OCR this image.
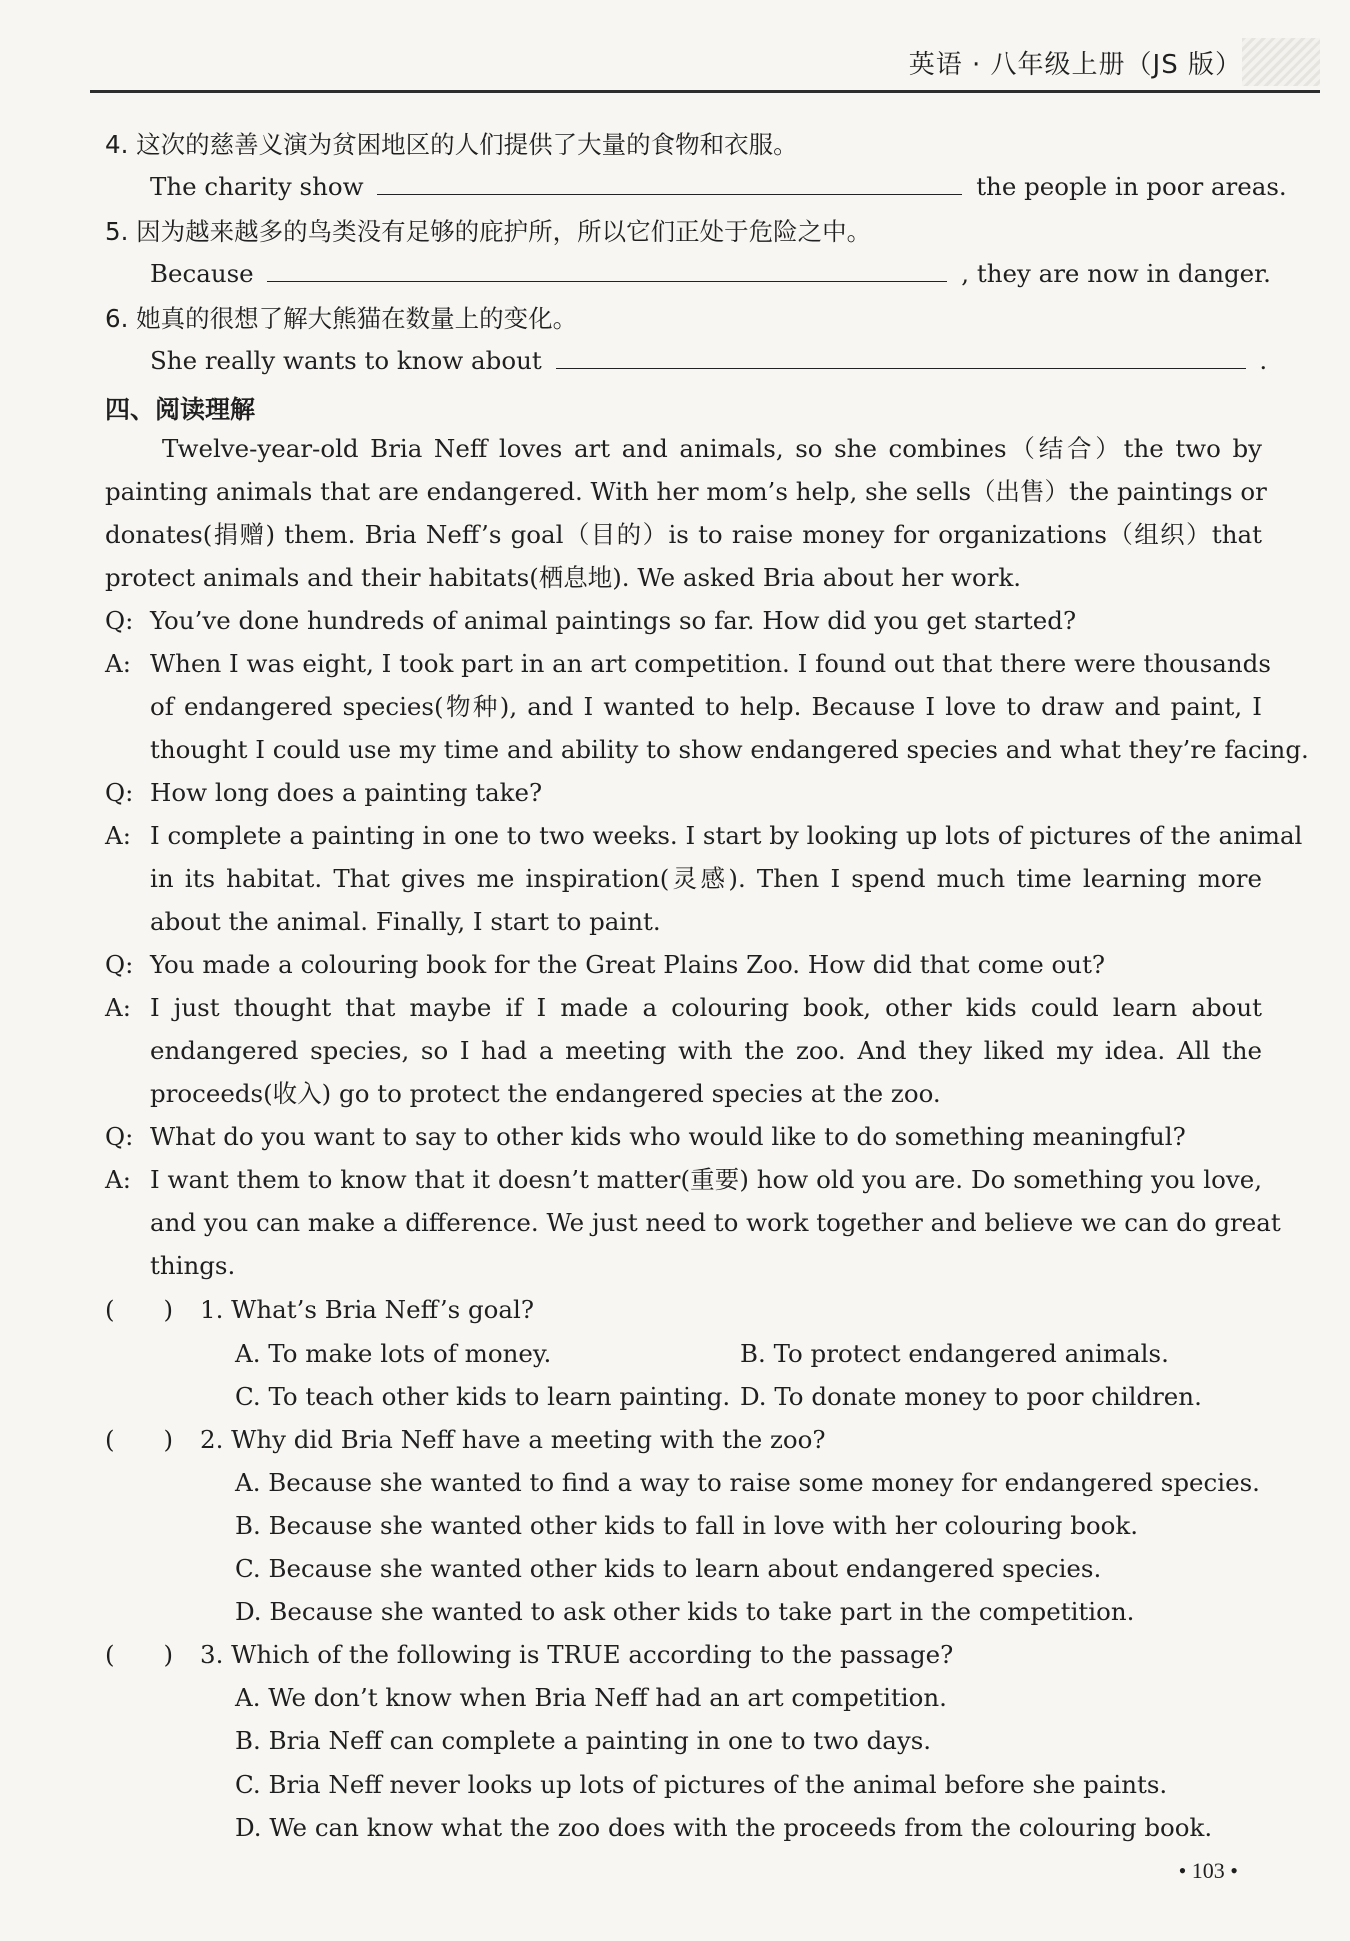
英语 · 八年级上册（JS 版）
4. 这次的慈善义演为贫困地区的人们提供了大量的食物和衣服。
The charity show	the people in poor areas.
5. 因为越来越多的鸟类没有足够的庇护所，所以它们正处于危险之中。
Because	, they are now in danger.
6. 她真的很想了解大熊猫在数量上的变化。
She really wants to know about	.
四、阅读理解
Twelve-year-old Bria Neff loves art and animals, so she combines（结合）the two by
painting animals that are endangered. With her mom’s help, she sells（出售）the paintings or
donates(捐赠) them. Bria Neff’s goal（目的）is to raise money for organizations（组织）that
protect animals and their habitats(栖息地). We asked Bria about her work.
Q: You’ve done hundreds of animal paintings so far. How did you get started?
A: When I was eight, I took part in an art competition. I found out that there were thousands
of endangered species(物种), and I wanted to help. Because I love to draw and paint, I
thought I could use my time and ability to show endangered species and what they’re facing.
Q: How long does a painting take?
A: I complete a painting in one to two weeks. I start by looking up lots of pictures of the animal
in its habitat. That gives me inspiration(灵感). Then I spend much time learning more
about the animal. Finally, I start to paint.
Q: You made a colouring book for the Great Plains Zoo. How did that come out?
A: I just thought that maybe if I made a colouring book, other kids could learn about
endangered species, so I had a meeting with the zoo. And they liked my idea. All the
proceeds(收入) go to protect the endangered species at the zoo.
Q: What do you want to say to other kids who would like to do something meaningful?
A: I want them to know that it doesn’t matter(重要) how old you are. Do something you love,
and you can make a difference. We just need to work together and believe we can do great
things.
(　　) 1. What’s Bria Neff’s goal?
A. To make lots of money.	B. To protect endangered animals.
C. To teach other kids to learn painting. D. To donate money to poor children.
(　　) 2. Why did Bria Neff have a meeting with the zoo?
A. Because she wanted to find a way to raise some money for endangered species.
B. Because she wanted other kids to fall in love with her colouring book.
C. Because she wanted other kids to learn about endangered species.
D. Because she wanted to ask other kids to take part in the competition.
(　　) 3. Which of the following is TRUE according to the passage?
A. We don’t know when Bria Neff had an art competition.
B. Bria Neff can complete a painting in one to two days.
C. Bria Neff never looks up lots of pictures of the animal before she paints.
D. We can know what the zoo does with the proceeds from the colouring book.
• 103 •
